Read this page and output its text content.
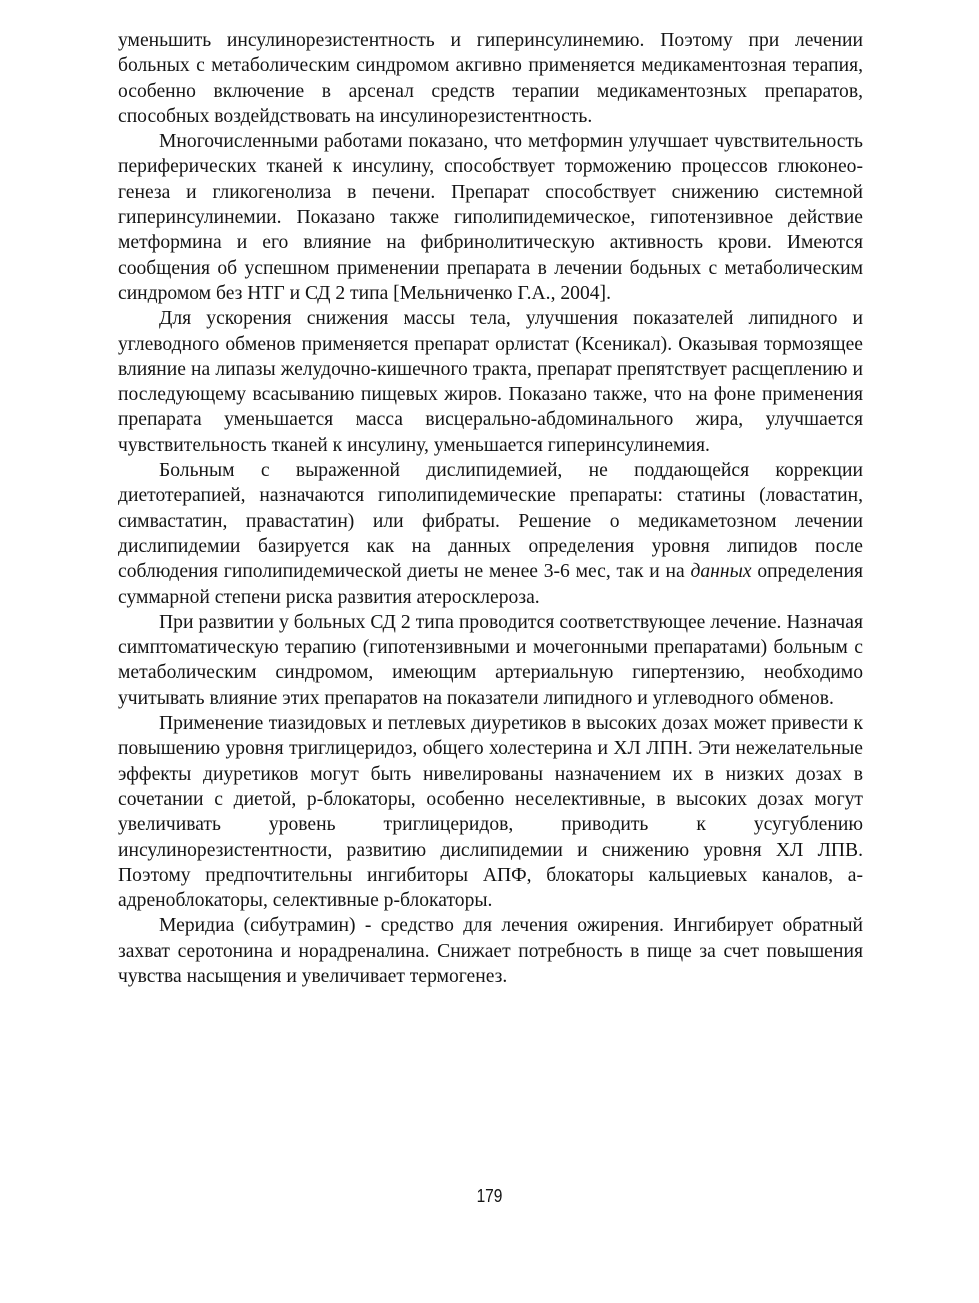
уменьшить инсулинорезистентность и гиперинсулинемию. Поэтому при лечении больных с метаболическим синдромом акгивно применяется медикаментозная терапия, особенно включение в арсенал средств терапии медикаментозных препаратов, способных воздейдствовать на инсулинорезистентность.

Многочисленными работами показано, что метформин улучшает чувствительность периферических тканей к инсулину, способствует торможению процессов глюконео-генеза и гликогенолиза в печени. Препарат способствует снижению системной гиперинсулинемии. Показано также гиполипидемическое, гипотензивное действие метформина и его влияние на фибринолитическую активность крови. Имеются сообщения об успешном применении препарата в лечении бодьных с метаболическим синдромом без НТГ и СД 2 типа [Мельниченко Г.А., 2004].

Для ускорения снижения массы тела, улучшения показателей липидного и углеводного обменов применяется препарат орлистат (Ксеникал). Оказывая тормозящее влияние на липазы желудочно-кишечного тракта, препарат препятствует расщеплению и последующему всасыванию пищевых жиров. Показано также, что на фоне применения препарата уменьшается масса висцерально-абдоминального жира, улучшается чувствительность тканей к инсулину, уменьшается гиперинсулинемия.

Больным с выраженной дислипидемией, не поддающейся коррекции диетотерапией, назначаются гиполипидемические препараты: статины (ловастатин, симвастатин, правастатин) или фибраты. Решение о медикаметозном лечении дислипидемии базируется как на данных определения уровня липидов после соблюдения гиполипидемической диеты не менее 3-6 мес, так и на данных определения суммарной степени риска развития атеросклероза.

При развитии у больных СД 2 типа проводится соответствующее лечение. Назначая симптоматическую терапию (гипотензивными и мочегонными препаратами) больным с метаболическим синдромом, имеющим артериальную гипертензию, необходимо учитывать влияние этих препаратов на показатели липидного и углеводного обменов.

Применение тиазидовых и петлевых диуретиков в высоких дозах может привести к повышению уровня триглицеридоз, общего холестерина и ХЛ ЛПН. Эти нежелательные эффекты диуретиков могут быть нивелированы назначением их в низких дозах в сочетании с диетой, р-блокаторы, особенно неселективные, в высоких дозах могут увеличивать уровень триглицеридов, приводить к усугублению инсулинорезистентности, развитию дислипидемии и снижению уровня ХЛ ЛПВ. Поэтому предпочтительны ингибиторы АПФ, блокаторы кальциевых каналов, а-адреноблокаторы, селективные р-блокаторы.

Меридиа (сибутрамин) - средство для лечения ожирения. Ингибирует обратный захват серотонина и норадреналина. Снижает потребность в пище за счет повышения чувства насыщения и увеличивает термогенез.

179
